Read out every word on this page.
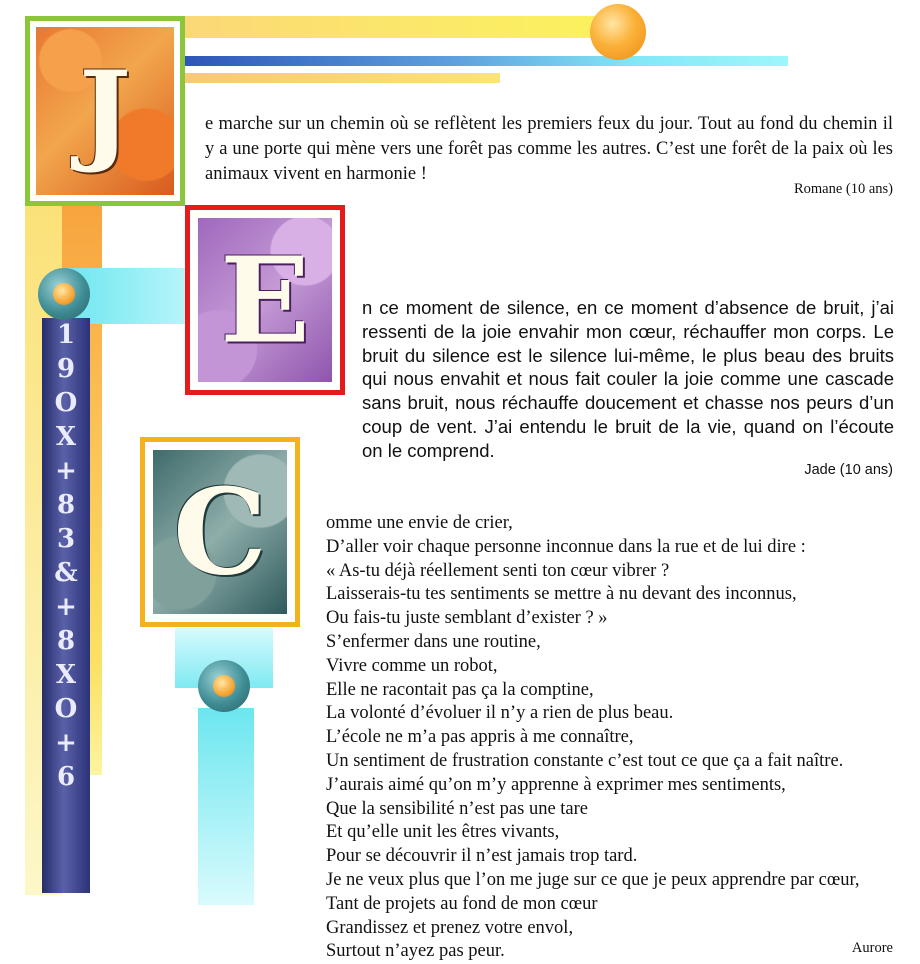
1
9
O
X
+
8
3
&
+
8
X
O
+
6
J
E
C
e marche sur un chemin où se reflètent les premiers feux du jour. Tout au fond du chemin il y a une porte qui mène vers une forêt pas comme les autres. C’est une forêt de la paix où les animaux vivent en harmonie !
Romane (10 ans)
n ce moment de silence, en ce moment d’absence de bruit, j’ai ressenti de la joie envahir mon cœur, réchauffer mon corps. Le bruit du silence est le silence lui-même, le plus beau des bruits qui nous envahit et nous fait couler la joie comme une cascade sans bruit, nous réchauffe doucement et chasse nos peurs d’un coup de vent. J’ai entendu le bruit de la vie, quand on l’écoute on le comprend.
Jade (10 ans)
omme une envie de crier,
D’aller voir chaque personne inconnue dans la rue et de lui dire :
« As-tu déjà réellement senti ton cœur vibrer ?
Laisserais-tu tes sentiments se mettre à nu devant des inconnus,
Ou fais-tu juste semblant d’exister ? »
S’enfermer dans une routine,
Vivre comme un robot,
Elle ne racontait pas ça la comptine,
La volonté d’évoluer il n’y a rien de plus beau.
L’école ne m’a pas appris à me connaître,
Un sentiment de frustration constante c’est tout ce que ça a fait naître.
J’aurais aimé qu’on m’y apprenne à exprimer mes sentiments,
Que la sensibilité n’est pas une tare
Et qu’elle unit les êtres vivants,
Pour se découvrir il n’est jamais trop tard.
Je ne veux plus que l’on me juge sur ce que je peux apprendre par cœur,
Tant de projets au fond de mon cœur
Grandissez et prenez votre envol,
Surtout n’ayez pas peur.	Aurore
